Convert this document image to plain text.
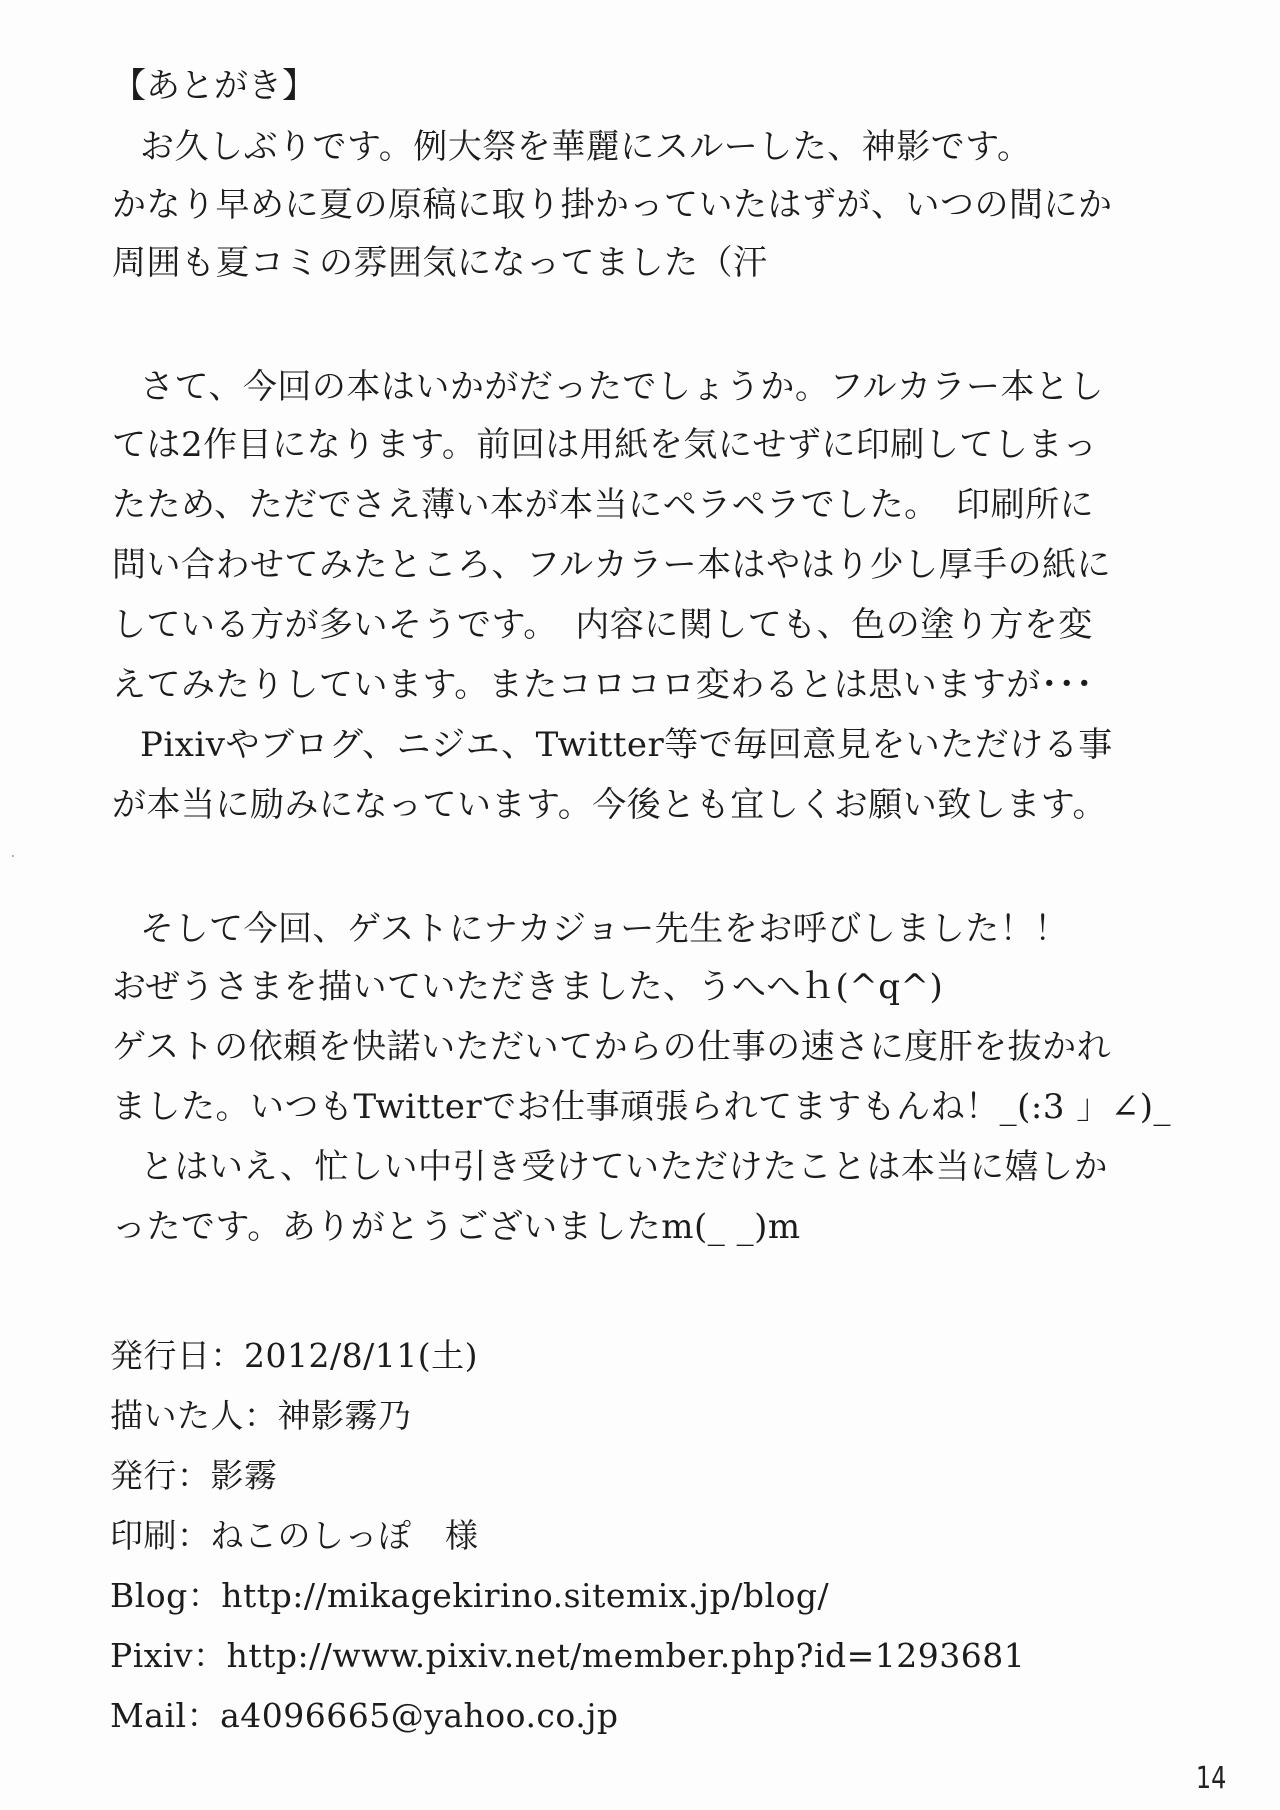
【あとがき】
お久しぶりです。例大祭を華麗にスルーした、神影です。
かなり早めに夏の原稿に取り掛かっていたはずが、いつの間にか
周囲も夏コミの雰囲気になってました（汗
さて、今回の本はいかがだったでしょうか。フルカラー本とし
ては2作目になります。前回は用紙を気にせずに印刷してしまっ
たため、ただでさえ薄い本が本当にペラペラでした。　印刷所に
問い合わせてみたところ、フルカラー本はやはり少し厚手の紙に
している方が多いそうです。　内容に関しても、色の塗り方を変
えてみたりしています。またコロコロ変わるとは思いますが･･･
Pixivやブログ、ニジエ、Twitter等で毎回意見をいただける事
が本当に励みになっています。今後とも宜しくお願い致します。
そして今回、ゲストにナカジョー先生をお呼びしました！！
おぜうさまを描いていただきました、うへへｈ(^q^)
ゲストの依頼を快諾いただいてからの仕事の速さに度肝を抜かれ
ました。いつもTwitterでお仕事頑張られてますもんね！_(:3 」∠)_
とはいえ、忙しい中引き受けていただけたことは本当に嬉しか
ったです。ありがとうございましたm(_ _)m
発行日：2012/8/11(土)
描いた人：神影霧乃
発行：影霧
印刷：ねこのしっぽ　様
Blog：http://mikagekirino.sitemix.jp/blog/
Pixiv：http://www.pixiv.net/member.php?id=1293681
Mail：a4096665@yahoo.co.jp
14
